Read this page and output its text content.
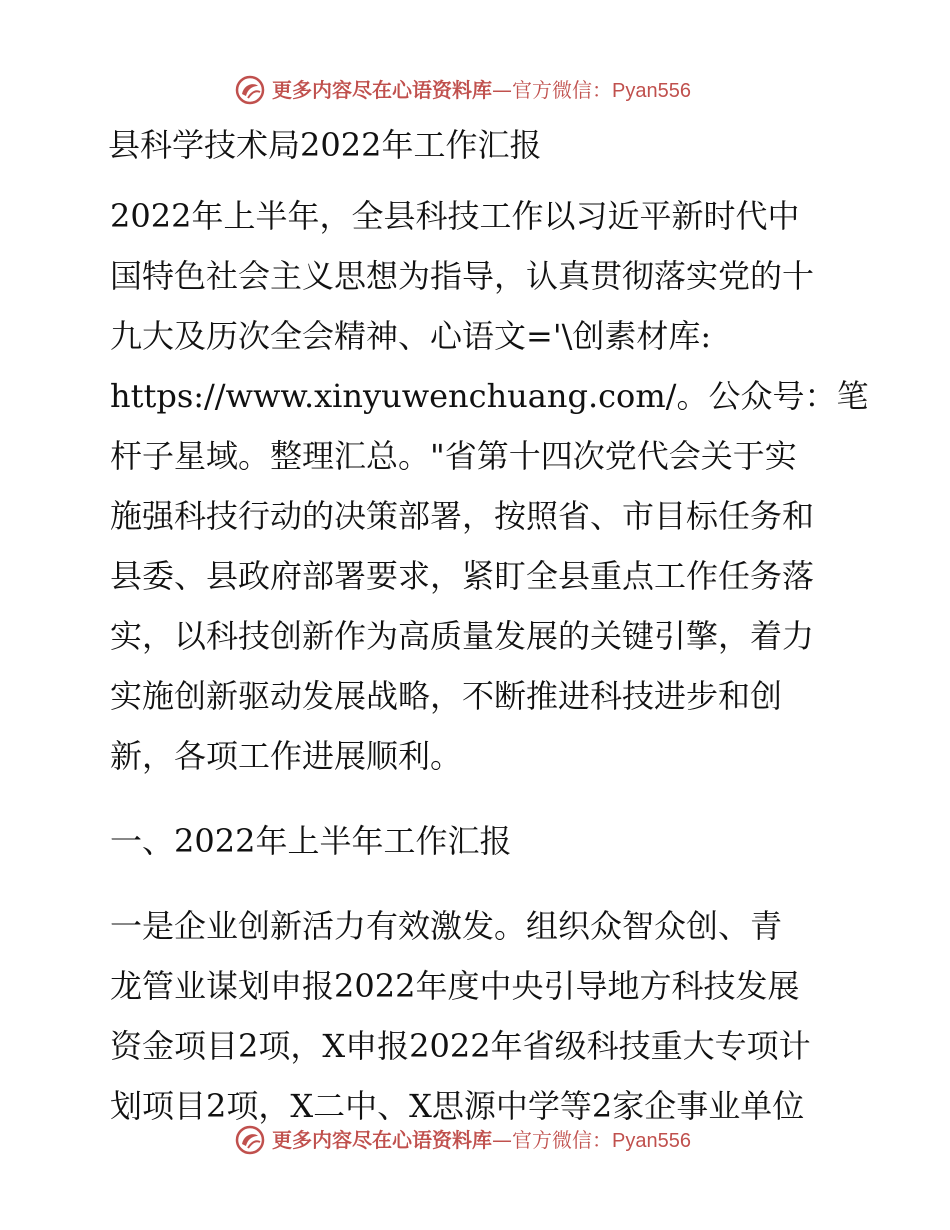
更多内容尽在心语资料库—官方微信：Pyan556
县科学技术局2022年工作汇报
2022年上半年，全县科技工作以习近平新时代中
国特色社会主义思想为指导，认真贯彻落实党的十
九大及历次全会精神、心语文='\创素材库:
https://www.xinyuwenchuang.com/。公众号：笔
杆子星域。整理汇总。"省第十四次党代会关于实
施强科技行动的决策部署，按照省、市目标任务和
县委、县政府部署要求，紧盯全县重点工作任务落
实，以科技创新作为高质量发展的关键引擎，着力
实施创新驱动发展战略，不断推进科技进步和创
新，各项工作进展顺利。
一、2022年上半年工作汇报
一是企业创新活力有效激发。组织众智众创、青
龙管业谋划申报2022年度中央引导地方科技发展
资金项目2项，X申报2022年省级科技重大专项计
划项目2项，X二中、X思源中学等2家企事业单位
更多内容尽在心语资料库—官方微信：Pyan556
